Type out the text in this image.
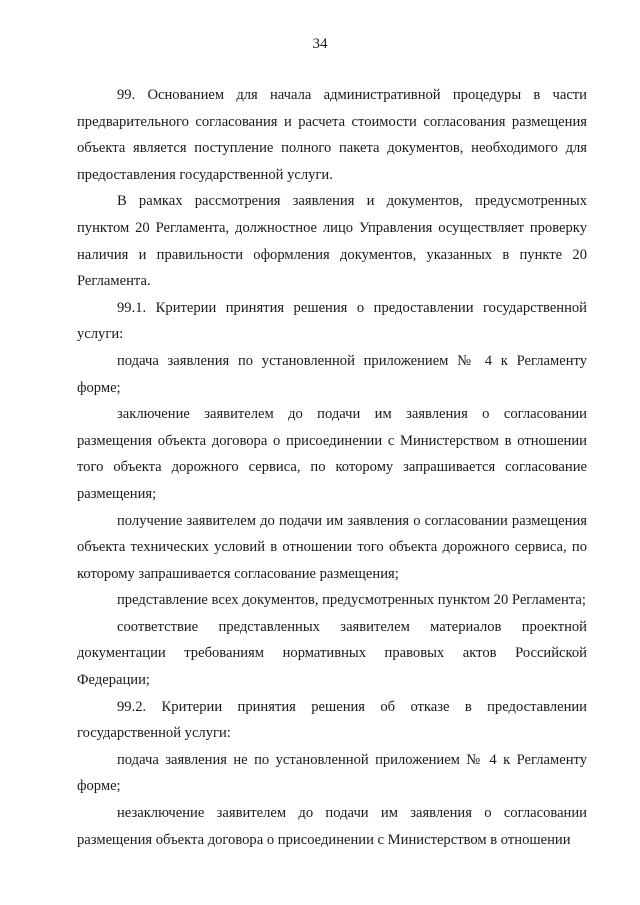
34

99. Основанием для начала административной процедуры в части предварительного согласования и расчета стоимости согласования размещения объекта является поступление полного пакета документов, необходимого для предоставления государственной услуги.

В рамках рассмотрения заявления и документов, предусмотренных пунктом 20 Регламента, должностное лицо Управления осуществляет проверку наличия и правильности оформления документов, указанных в пункте 20 Регламента.

99.1. Критерии принятия решения о предоставлении государственной услуги:

подача заявления по установленной приложением № 4 к Регламенту форме;

заключение заявителем до подачи им заявления о согласовании размещения объекта договора о присоединении с Министерством в отношении того объекта дорожного сервиса, по которому запрашивается согласование размещения;

получение заявителем до подачи им заявления о согласовании размещения объекта технических условий в отношении того объекта дорожного сервиса, по которому запрашивается согласование размещения;

представление всех документов, предусмотренных пунктом 20 Регламента;

соответствие представленных заявителем материалов проектной документации требованиям нормативных правовых актов Российской Федерации;

99.2. Критерии принятия решения об отказе в предоставлении государственной услуги:

подача заявления не по установленной приложением № 4 к Регламенту форме;

незаключение заявителем до подачи им заявления о согласовании размещения объекта договора о присоединении с Министерством в отношении
